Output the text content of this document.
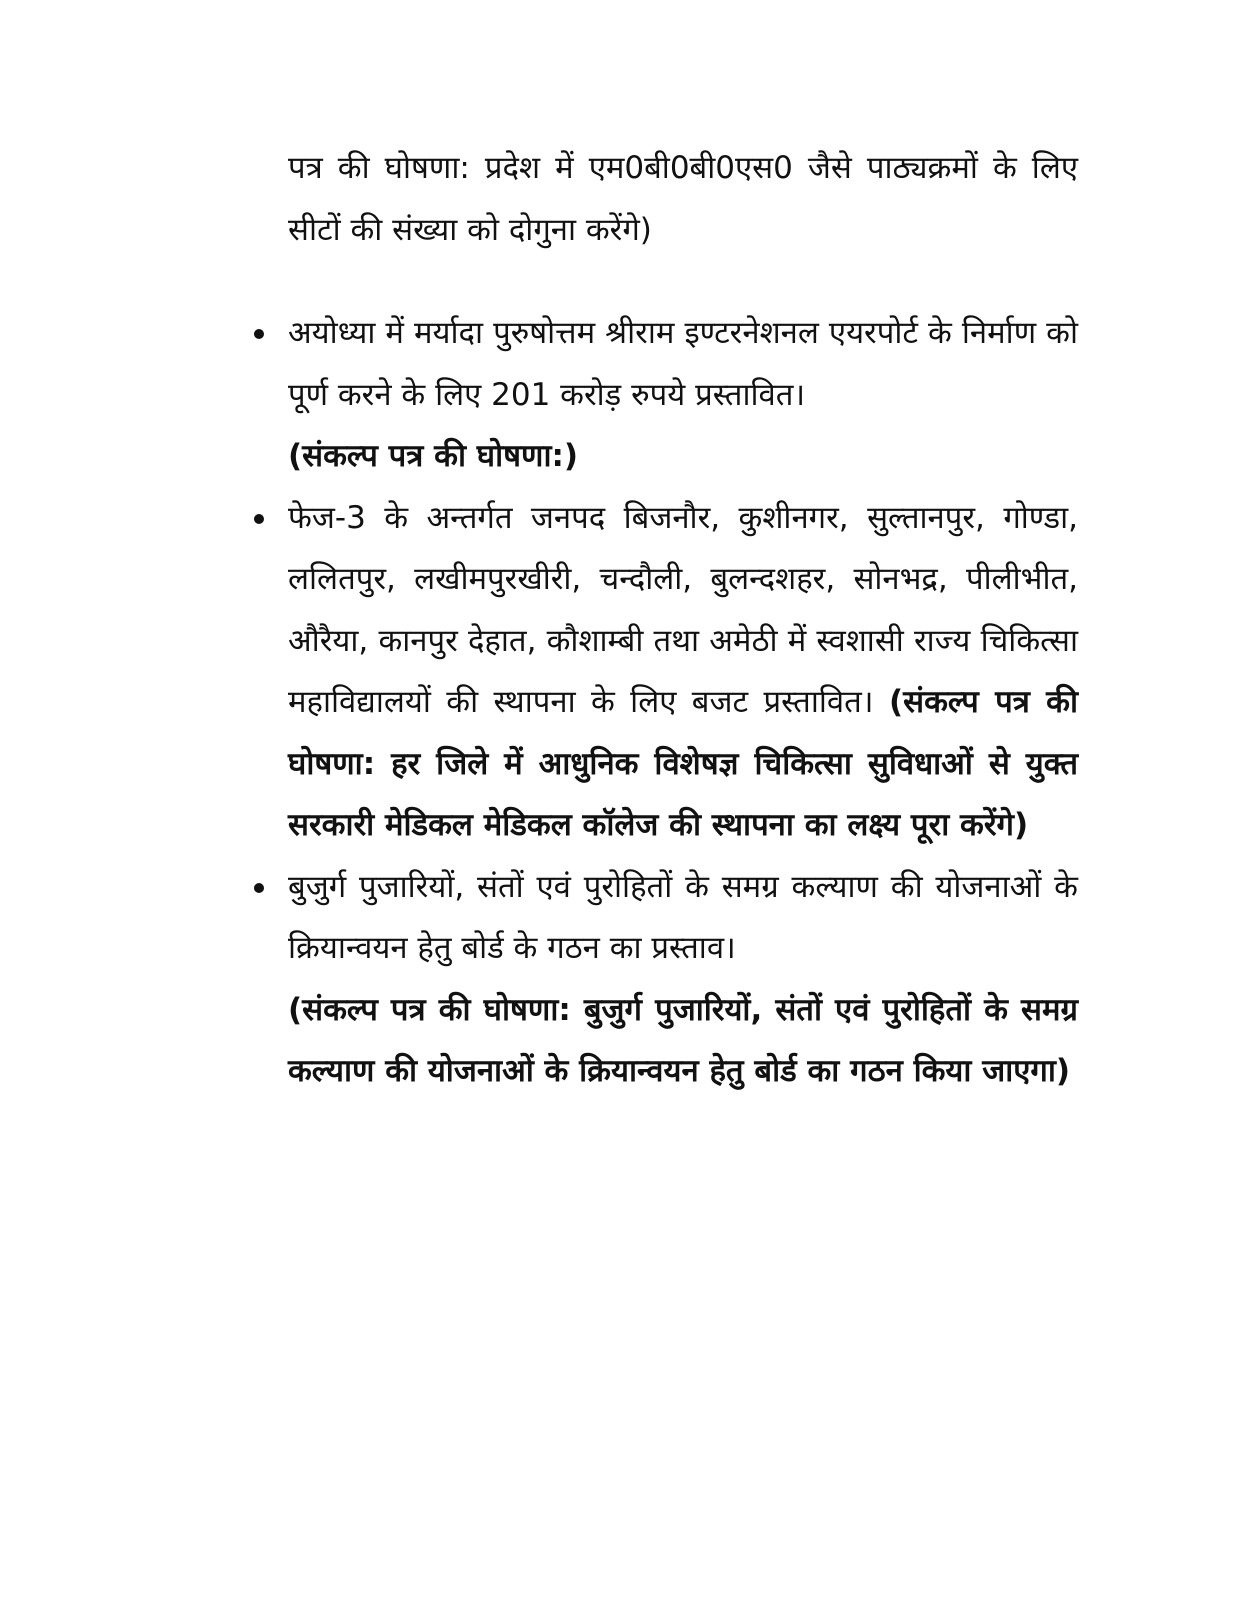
पत्र की घोषणा: प्रदेश में एम0बी0बी0एस0 जैसे पाठ्यक्रमों के लिए सीटों की संख्या को दोगुना करेंगे)

अयोध्या में मर्यादा पुरुषोत्तम श्रीराम इण्टरनेशनल एयरपोर्ट के निर्माण को पूर्ण करने के लिए 201 करोड़ रुपये प्रस्तावित।
(संकल्प पत्र की घोषणा:)

फेज-3 के अन्तर्गत जनपद बिजनौर, कुशीनगर, सुल्तानपुर, गोण्डा, ललितपुर, लखीमपुरखीरी, चन्दौली, बुलन्दशहर, सोनभद्र, पीलीभीत, औरैया, कानपुर देहात, कौशाम्बी तथा अमेठी में स्वशासी राज्य चिकित्सा महाविद्यालयों की स्थापना के लिए बजट प्रस्तावित। (संकल्प पत्र की घोषणा: हर जिले में आधुनिक विशेषज्ञ चिकित्सा सुविधाओं से युक्त सरकारी मेडिकल मेडिकल कॉलेज की स्थापना का लक्ष्य पूरा करेंगे)

बुजुर्ग पुजारियों, संतों एवं पुरोहितों के समग्र कल्याण की योजनाओं के क्रियान्वयन हेतु बोर्ड के गठन का प्रस्ताव।
(संकल्प पत्र की घोषणा: बुजुर्ग पुजारियों, संतों एवं पुरोहितों के समग्र कल्याण की योजनाओं के क्रियान्वयन हेतु बोर्ड का गठन किया जाएगा)
